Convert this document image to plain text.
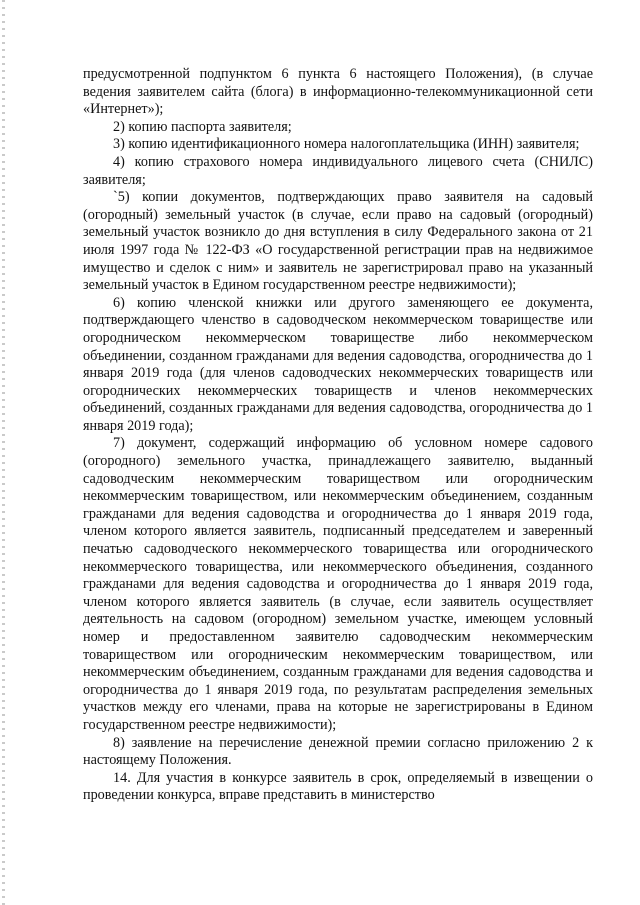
предусмотренной подпунктом 6 пункта 6 настоящего Положения), (в случае ведения заявителем сайта (блога) в информационно-телекоммуникационной сети «Интернет»);

2) копию паспорта заявителя;

3) копию идентификационного номера налогоплательщика (ИНН) заявителя;

4) копию страхового номера индивидуального лицевого счета (СНИЛС) заявителя;

`5) копии документов, подтверждающих право заявителя на садовый (огородный) земельный участок (в случае, если право на садовый (огородный) земельный участок возникло до дня вступления в силу Федерального закона от 21 июля 1997 года № 122-ФЗ «О государственной регистрации прав на недвижимое имущество и сделок с ним» и заявитель не зарегистрировал право на указанный земельный участок в Едином государственном реестре недвижимости);

6) копию членской книжки или другого заменяющего ее документа, подтверждающего членство в садоводческом некоммерческом товариществе или огородническом некоммерческом товариществе либо некоммерческом объединении, созданном гражданами для ведения садоводства, огородничества до 1 января 2019 года (для членов садоводческих некоммерческих товариществ или огороднических некоммерческих товариществ и членов некоммерческих объединений, созданных гражданами для ведения садоводства, огородничества до 1 января 2019 года);

7) документ, содержащий информацию об условном номере садового (огородного) земельного участка, принадлежащего заявителю, выданный садоводческим некоммерческим товариществом или огородническим некоммерческим товариществом, или некоммерческим объединением, созданным гражданами для ведения садоводства и огородничества до 1 января 2019 года, членом которого является заявитель, подписанный председателем и заверенный печатью садоводческого некоммерческого товарищества или огороднического некоммерческого товарищества, или некоммерческого объединения, созданного гражданами для ведения садоводства и огородничества до 1 января 2019 года, членом которого является заявитель (в случае, если заявитель осуществляет деятельность на садовом (огородном) земельном участке, имеющем условный номер и предоставленном заявителю садоводческим некоммерческим товариществом или огородническим некоммерческим товариществом, или некоммерческим объединением, созданным гражданами для ведения садоводства и огородничества до 1 января 2019 года, по результатам распределения земельных участков между его членами, права на которые не зарегистрированы в Едином государственном реестре недвижимости);

8) заявление на перечисление денежной премии согласно приложению 2 к настоящему Положения.

14. Для участия в конкурсе заявитель в срок, определяемый в извещении о проведении конкурса, вправе представить в министерство
